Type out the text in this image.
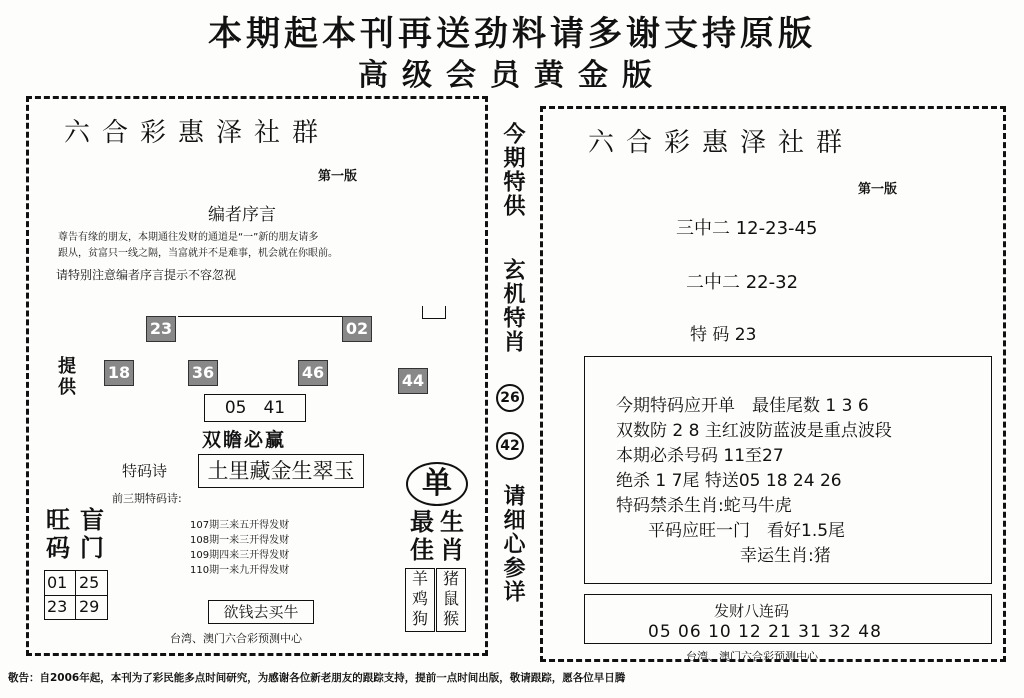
本期起本刊再送劲料请多谢支持原版
高级会员黄金版
六合彩惠泽社群
第一版
编者序言
尊告有缘的朋友，本期通往发财的通道是“一”新的朋友请多
跟从，贫富只一线之隔，当富就并不是难事，机会就在你眼前。
请特别注意编者序言提示不容忽视
23	02
提供
18	36	46	44
05　41
双瞻必赢
特码诗	土里藏金生翠玉
前三期特码诗:
107期三来五开得发财
108期一来三开得发财
109期四来三开得发财
110期一来九开得发财
旺码
盲门
01 25
23 29
单
最佳
生肖
羊鸡狗
猪鼠猴
欲钱去买牛
台湾、澳门六合彩预测中心
今期特供
玄机特肖
26
42
请细心参详
六合彩惠泽社群
第一版
三中二 12-23-45
二中二 22-32
特 码 23
今期特码应开单　最佳尾数 1 3 6
双数防 2 8 主红波防蓝波是重点波段
本期必杀号码 11至27
绝杀 1 7尾 特送05 18 24 26
特码禁杀生肖:蛇马牛虎
平码应旺一门　看好1.5尾
幸运生肖:猪
发财八连码
05 06 10 12 21 31 32 48
台湾、澳门六合彩预测中心
敬告：自2006年起，本刊为了彩民能多点时间研究，为感谢各位新老朋友的跟踪支持，提前一点时间出版，敬请跟踪，愿各位早日腾
